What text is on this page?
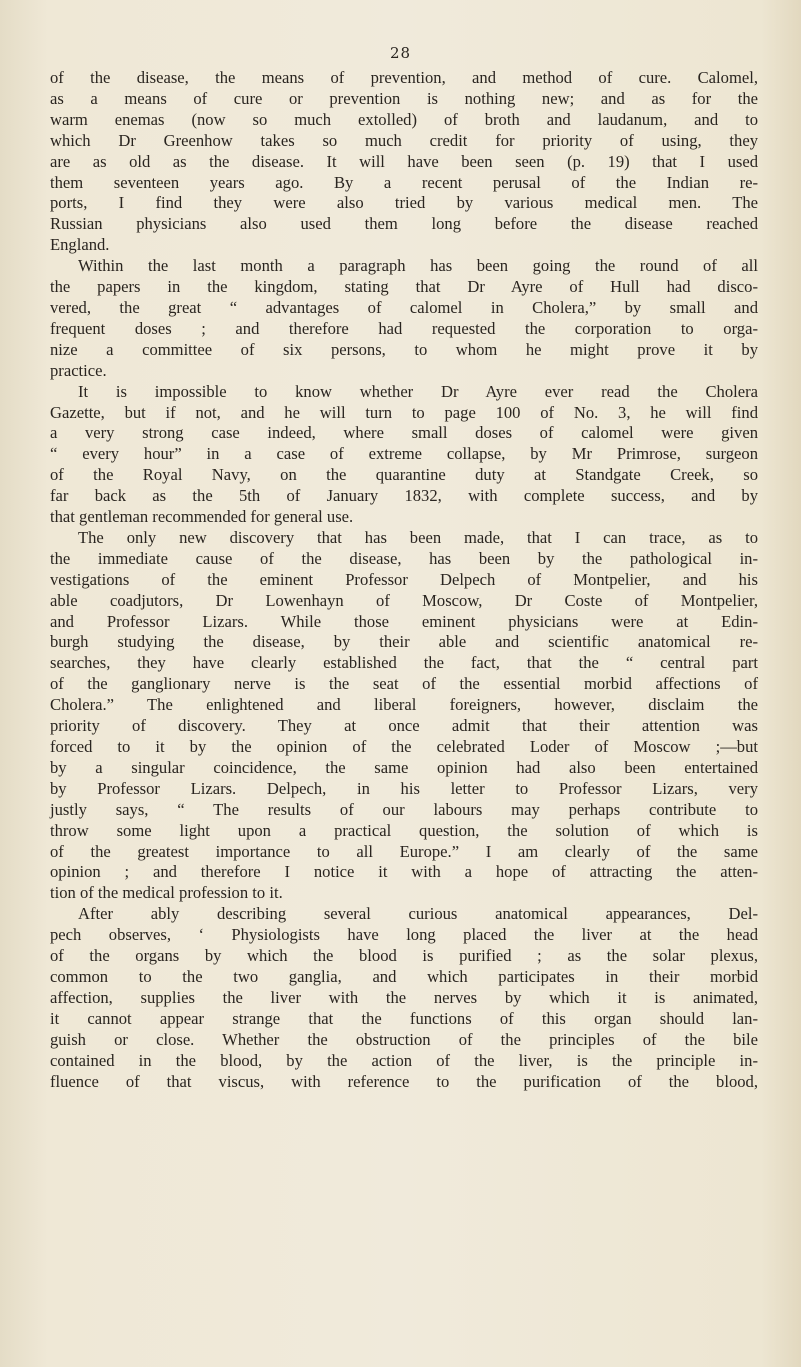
28
of the disease, the means of prevention, and method of cure. Calomel,
as a means of cure or prevention is nothing new; and as for the
warm enemas (now so much extolled) of broth and laudanum, and to
which Dr Greenhow takes so much credit for priority of using, they
are as old as the disease. It will have been seen (p. 19) that I used
them seventeen years ago. By a recent perusal of the Indian re-
ports, I find they were also tried by various medical men. The
Russian physicians also used them long before the disease reached
England.
Within the last month a paragraph has been going the round of all
the papers in the kingdom, stating that Dr Ayre of Hull had disco-
vered, the great “ advantages of calomel in Cholera,” by small and
frequent doses ; and therefore had requested the corporation to orga-
nize a committee of six persons, to whom he might prove it by
practice.
It is impossible to know whether Dr Ayre ever read the Cholera
Gazette, but if not, and he will turn to page 100 of No. 3, he will find
a very strong case indeed, where small doses of calomel were given
“ every hour” in a case of extreme collapse, by Mr Primrose, surgeon
of the Royal Navy, on the quarantine duty at Standgate Creek, so
far back as the 5th of January 1832, with complete success, and by
that gentleman recommended for general use.
The only new discovery that has been made, that I can trace, as to
the immediate cause of the disease, has been by the pathological in-
vestigations of the eminent Professor Delpech of Montpelier, and his
able coadjutors, Dr Lowenhayn of Moscow, Dr Coste of Montpelier,
and Professor Lizars. While those eminent physicians were at Edin-
burgh studying the disease, by their able and scientific anatomical re-
searches, they have clearly established the fact, that the “ central part
of the ganglionary nerve is the seat of the essential morbid affections of
Cholera.” The enlightened and liberal foreigners, however, disclaim the
priority of discovery. They at once admit that their attention was
forced to it by the opinion of the celebrated Loder of Moscow ;—but
by a singular coincidence, the same opinion had also been entertained
by Professor Lizars. Delpech, in his letter to Professor Lizars, very
justly says, “ The results of our labours may perhaps contribute to
throw some light upon a practical question, the solution of which is
of the greatest importance to all Europe.” I am clearly of the same
opinion ; and therefore I notice it with a hope of attracting the atten-
tion of the medical profession to it.
After ably describing several curious anatomical appearances, Del-
pech observes, ‘ Physiologists have long placed the liver at the head
of the organs by which the blood is purified ; as the solar plexus,
common to the two ganglia, and which participates in their morbid
affection, supplies the liver with the nerves by which it is animated,
it cannot appear strange that the functions of this organ should lan-
guish or close. Whether the obstruction of the principles of the bile
contained in the blood, by the action of the liver, is the principle in-
fluence of that viscus, with reference to the purification of the blood,
